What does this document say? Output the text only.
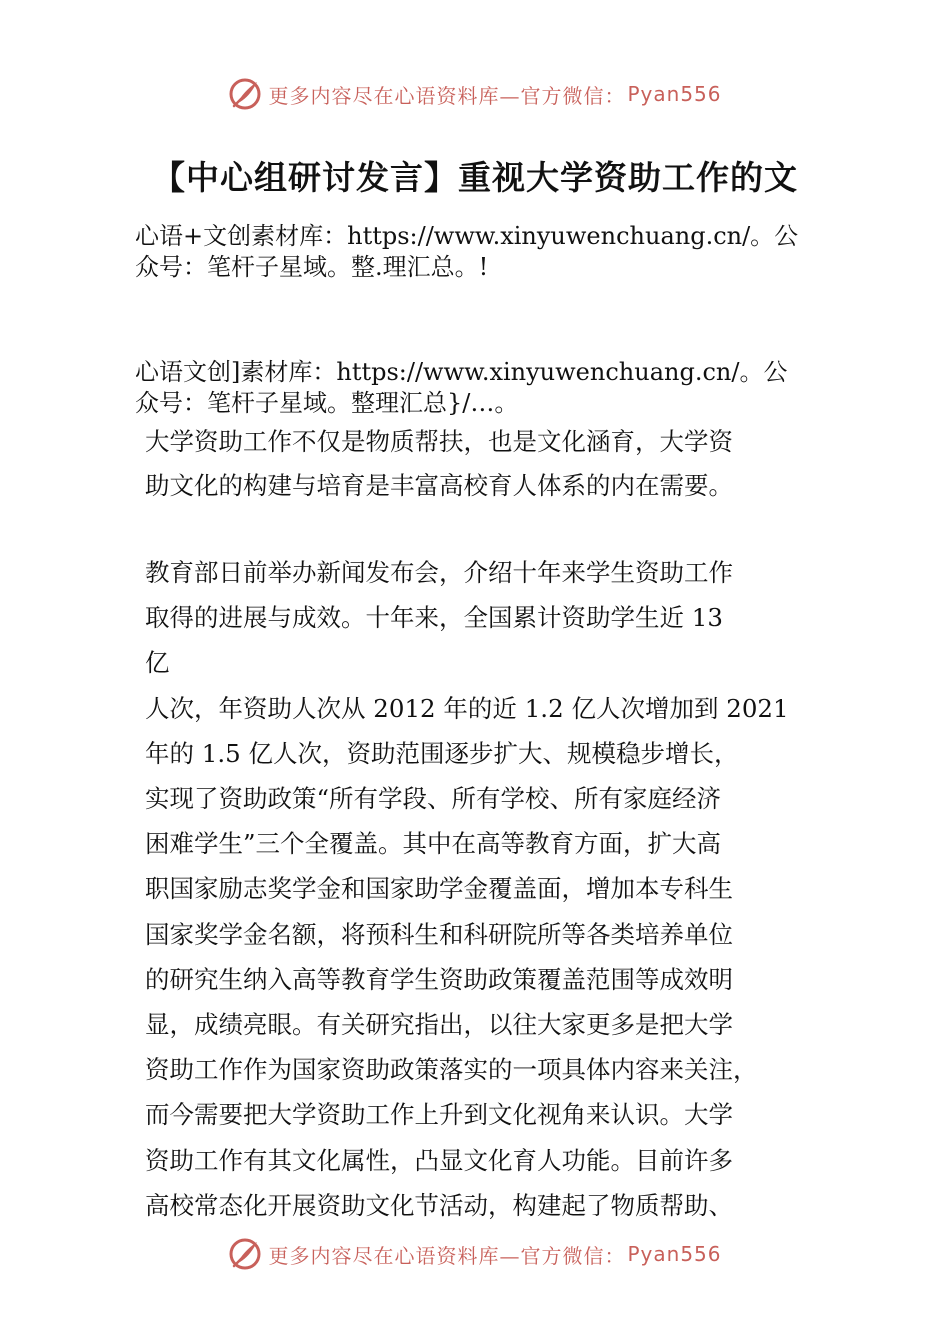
更多内容尽在心语资料库—官方微信： Pyan556
【中心组研讨发言】重视大学资助工作的文
心语+文创素材库：https://www.xinyuwenchuang.cn/。公
众号：笔杆子星域。整.理汇总。!
心语文创]素材库：https://www.xinyuwenchuang.cn/。公
众号：笔杆子星域。整理汇总}/…。
大学资助工作不仅是物质帮扶，也是文化涵育，大学资
助文化的构建与培育是丰富高校育人体系的内在需要。
教育部日前举办新闻发布会，介绍十年来学生资助工作
取得的进展与成效。十年来，全国累计资助学生近 13
亿
人次，年资助人次从 2012 年的近 1.2 亿人次增加到 2021
年的 1.5 亿人次，资助范围逐步扩大、规模稳步增长，
实现了资助政策“所有学段、所有学校、所有家庭经济
困难学生”三个全覆盖。其中在高等教育方面，扩大高
职国家励志奖学金和国家助学金覆盖面，增加本专科生
国家奖学金名额，将预科生和科研院所等各类培养单位
的研究生纳入高等教育学生资助政策覆盖范围等成效明
显，成绩亮眼。有关研究指出，以往大家更多是把大学
资助工作作为国家资助政策落实的一项具体内容来关注，
而今需要把大学资助工作上升到文化视角来认识。大学
资助工作有其文化属性，凸显文化育人功能。目前许多
高校常态化开展资助文化节活动，构建起了物质帮助、
更多内容尽在心语资料库—官方微信： Pyan556
